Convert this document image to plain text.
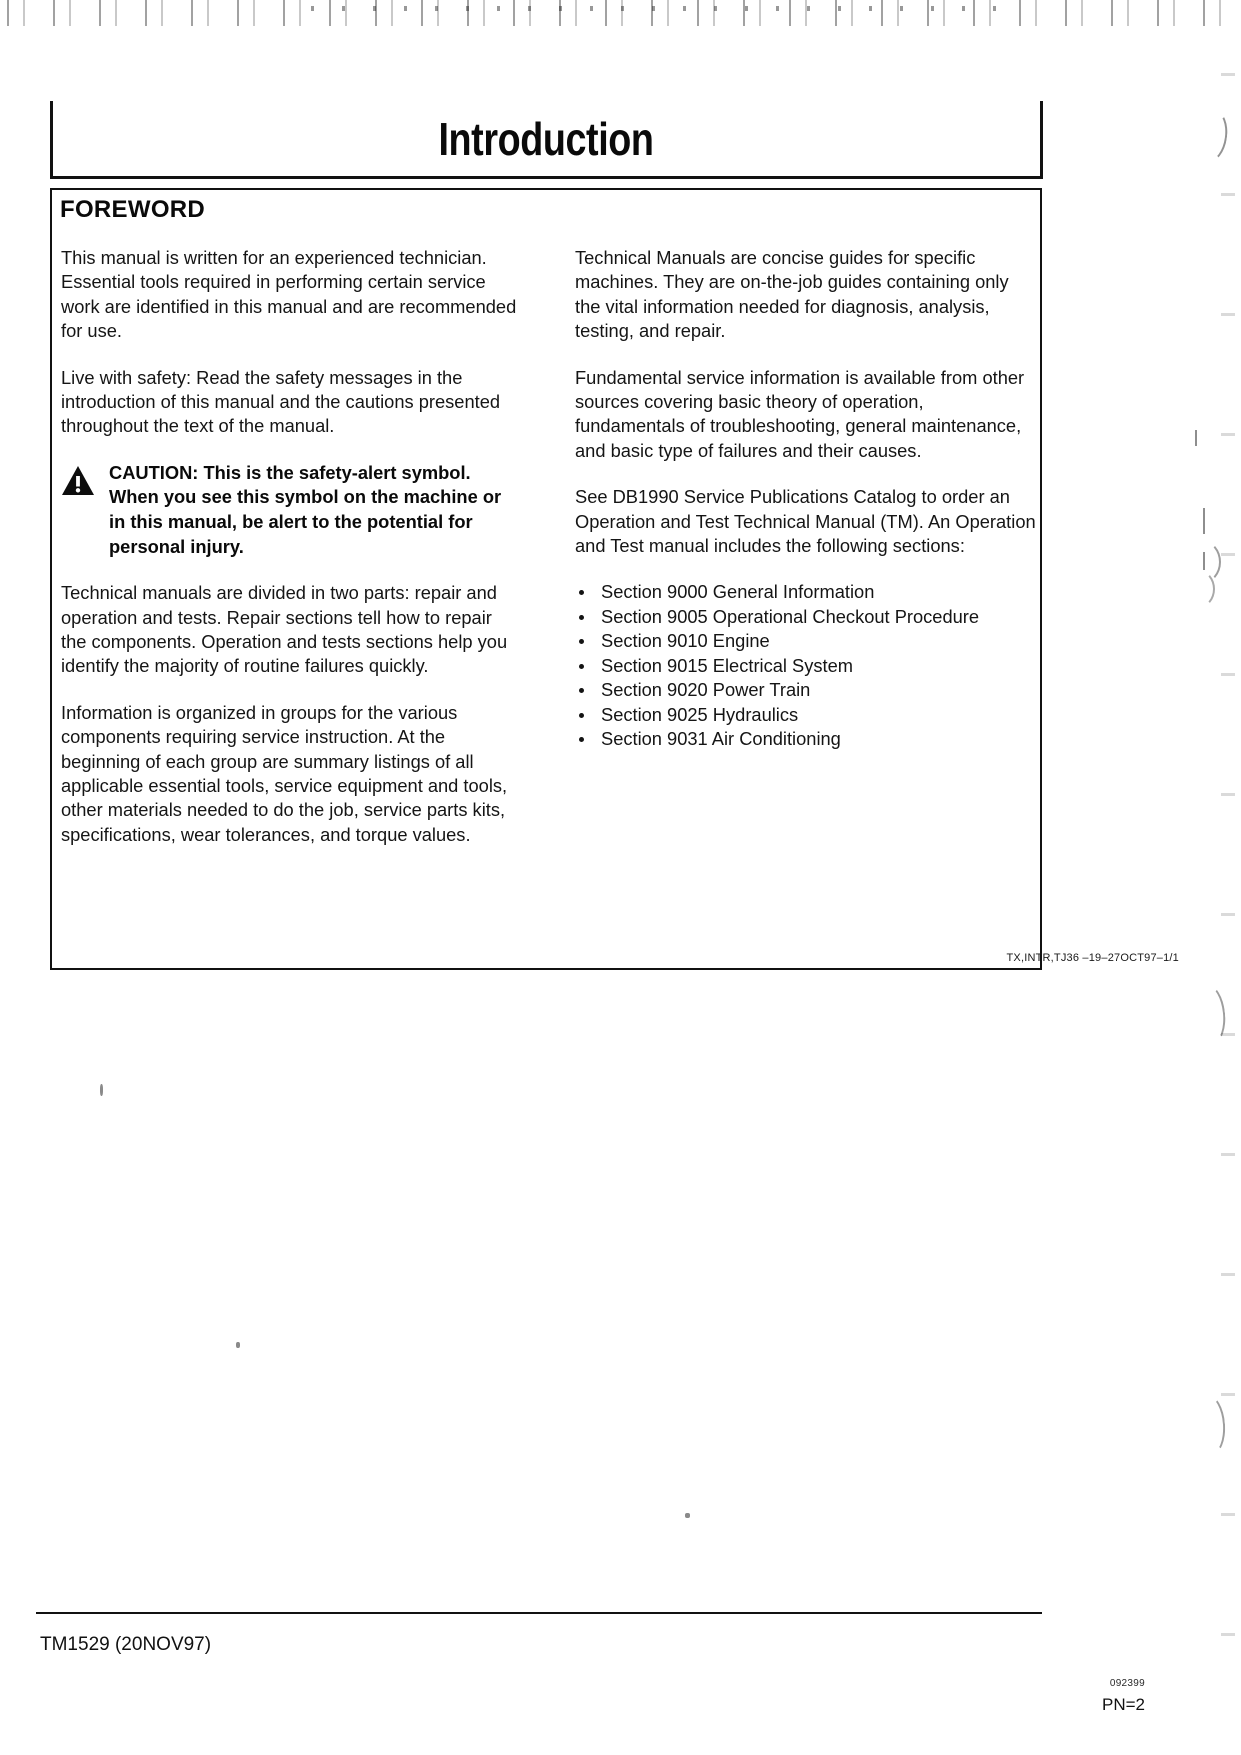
Introduction
FOREWORD

This manual is written for an experienced technician. Essential tools required in performing certain service work are identified in this manual and are recommended for use.

Live with safety: Read the safety messages in the introduction of this manual and the cautions presented throughout the text of the manual.

CAUTION: This is the safety-alert symbol. When you see this symbol on the machine or in this manual, be alert to the potential for personal injury.

Technical manuals are divided in two parts: repair and operation and tests. Repair sections tell how to repair the components. Operation and tests sections help you identify the majority of routine failures quickly.

Information is organized in groups for the various components requiring service instruction. At the beginning of each group are summary listings of all applicable essential tools, service equipment and tools, other materials needed to do the job, service parts kits, specifications, wear tolerances, and torque values.

Technical Manuals are concise guides for specific machines. They are on-the-job guides containing only the vital information needed for diagnosis, analysis, testing, and repair.

Fundamental service information is available from other sources covering basic theory of operation, fundamentals of troubleshooting, general maintenance, and basic type of failures and their causes.

See DB1990 Service Publications Catalog to order an Operation and Test Technical Manual (TM). An Operation and Test manual includes the following sections:

Section 9000 General Information
Section 9005 Operational Checkout Procedure
Section 9010 Engine
Section 9015 Electrical System
Section 9020 Power Train
Section 9025 Hydraulics
Section 9031 Air Conditioning
TX,INTR,TJ36 –19–27OCT97–1/1
TM1529 (20NOV97)
092399
PN=2
